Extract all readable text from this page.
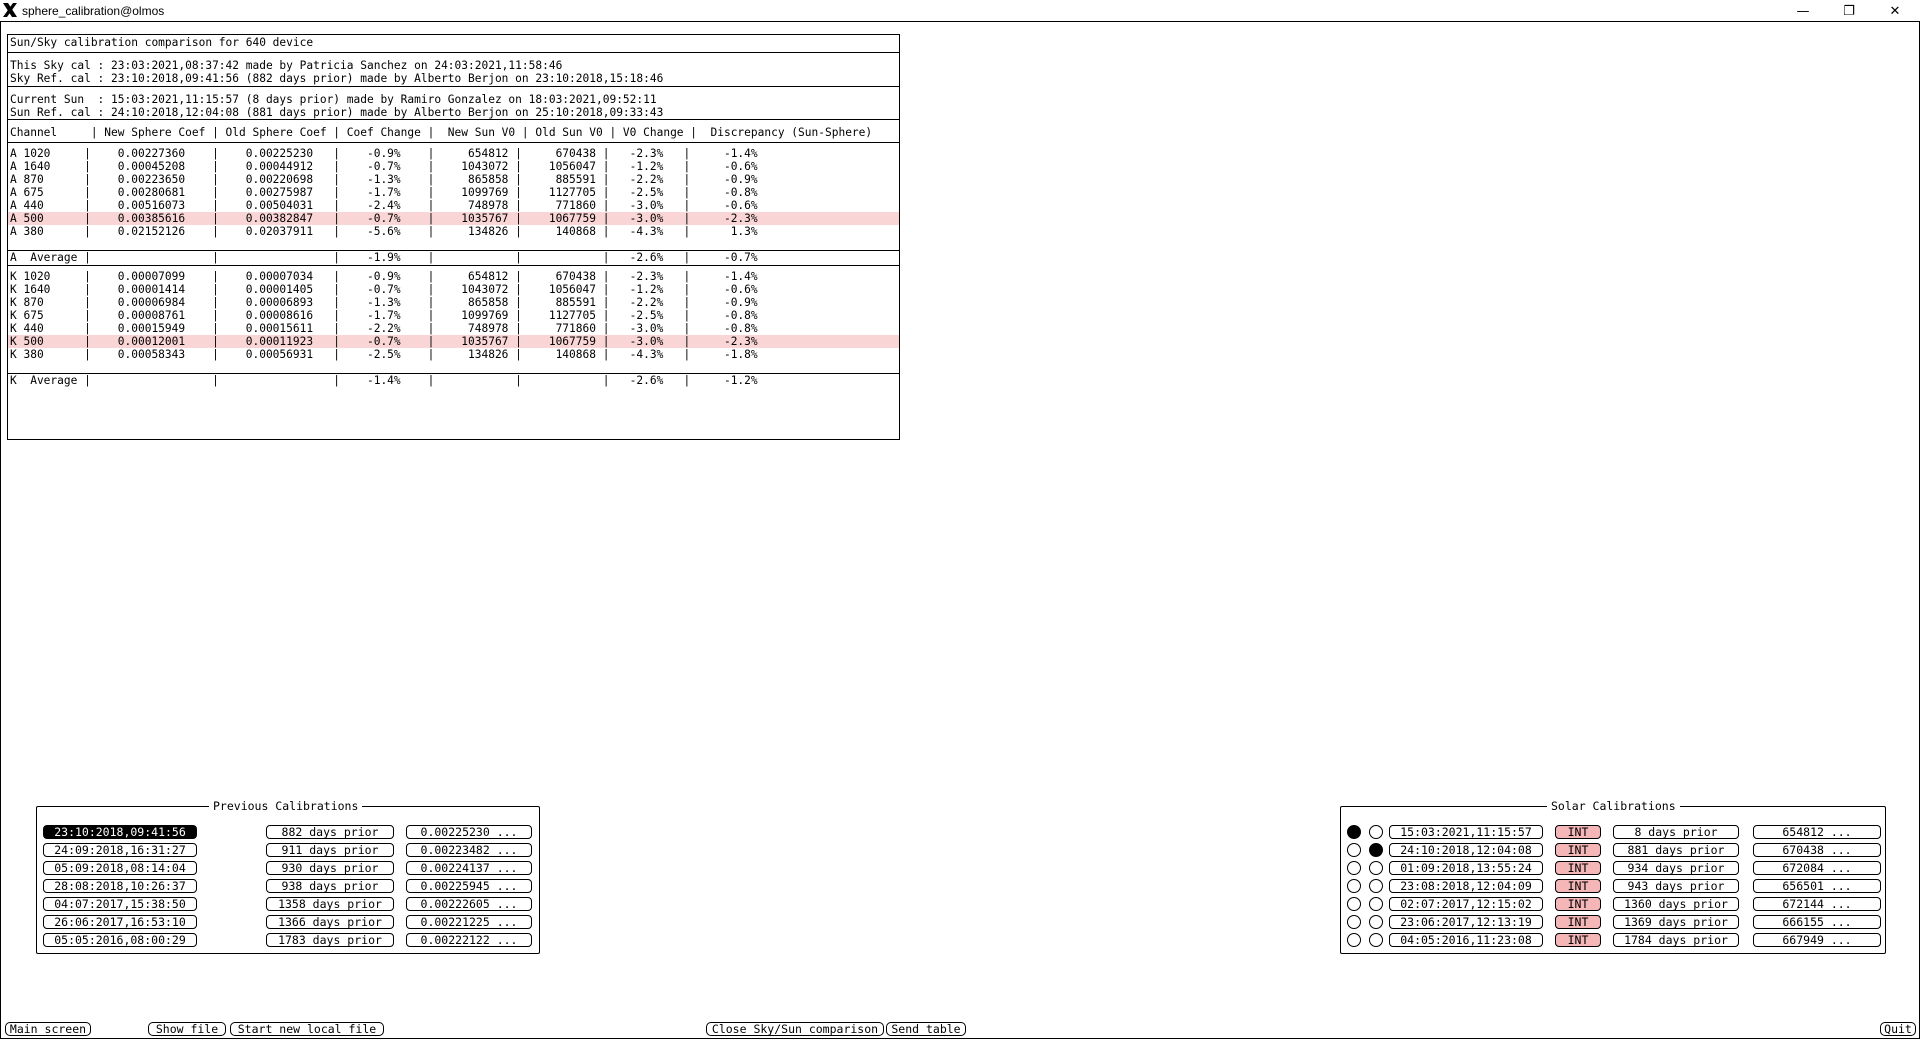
sphere_calibration@olmos	—	❐	✕
Sun/Sky calibration comparison for 640 device
This Sky cal : 23:03:2021,08:37:42 made by Patricia Sanchez on 24:03:2021,11:58:46
Sky Ref. cal : 23:10:2018,09:41:56 (882 days prior) made by Alberto Berjon on 23:10:2018,15:18:46
Current Sun  : 15:03:2021,11:15:57 (8 days prior) made by Ramiro Gonzalez on 18:03:2021,09:52:11
Sun Ref. cal : 24:10:2018,12:04:08 (881 days prior) made by Alberto Berjon on 25:10:2018,09:33:43
Channel     | New Sphere Coef | Old Sphere Coef | Coef Change |  New Sun V0 | Old Sun V0 | V0 Change |  Discrepancy (Sun-Sphere)
A 1020     |    0.00227360    |    0.00225230   |    -0.9%    |     654812 |     670438 |   -2.3%   |     -1.4%
A 1640     |    0.00045208    |    0.00044912   |    -0.7%    |    1043072 |    1056047 |   -1.2%   |     -0.6%
A 870      |    0.00223650    |    0.00220698   |    -1.3%    |     865858 |     885591 |   -2.2%   |     -0.9%
A 675      |    0.00280681    |    0.00275987   |    -1.7%    |    1099769 |    1127705 |   -2.5%   |     -0.8%
A 440      |    0.00516073    |    0.00504031   |    -2.4%    |     748978 |     771860 |   -3.0%   |     -0.6%
A 500      |    0.00385616    |    0.00382847   |    -0.7%    |    1035767 |    1067759 |   -3.0%   |     -2.3%
A 380      |    0.02152126    |    0.02037911   |    -5.6%    |     134826 |     140868 |   -4.3%   |      1.3%
A  Average |                  |                 |    -1.9%    |            |            |   -2.6%   |     -0.7%
K 1020     |    0.00007099    |    0.00007034   |    -0.9%    |     654812 |     670438 |   -2.3%   |     -1.4%
K 1640     |    0.00001414    |    0.00001405   |    -0.7%    |    1043072 |    1056047 |   -1.2%   |     -0.6%
K 870      |    0.00006984    |    0.00006893   |    -1.3%    |     865858 |     885591 |   -2.2%   |     -0.9%
K 675      |    0.00008761    |    0.00008616   |    -1.7%    |    1099769 |    1127705 |   -2.5%   |     -0.8%
K 440      |    0.00015949    |    0.00015611   |    -2.2%    |     748978 |     771860 |   -3.0%   |     -0.8%
K 500      |    0.00012001    |    0.00011923   |    -0.7%    |    1035767 |    1067759 |   -3.0%   |     -2.3%
K 380      |    0.00058343    |    0.00056931   |    -2.5%    |     134826 |     140868 |   -4.3%   |     -1.8%
K  Average |                  |                 |    -1.4%    |            |            |   -2.6%   |     -1.2%
Previous Calibrations
23:10:2018,09:41:56	882 days prior	0.00225230 ...
24:09:2018,16:31:27	911 days prior	0.00223482 ...
05:09:2018,08:14:04	930 days prior	0.00224137 ...
28:08:2018,10:26:37	938 days prior	0.00225945 ...
04:07:2017,15:38:50	1358 days prior	0.00222605 ...
26:06:2017,16:53:10	1366 days prior	0.00221225 ...
05:05:2016,08:00:29	1783 days prior	0.00222122 ...
Solar Calibrations
15:03:2021,11:15:57	INT	8 days prior	654812 ...
24:10:2018,12:04:08	INT	881 days prior	670438 ...
01:09:2018,13:55:24	INT	934 days prior	672084 ...
23:08:2018,12:04:09	INT	943 days prior	656501 ...
02:07:2017,12:15:02	INT	1360 days prior	672144 ...
23:06:2017,12:13:19	INT	1369 days prior	666155 ...
04:05:2016,11:23:08	INT	1784 days prior	667949 ...
Main screen	Show file	Start new local file	Close Sky/Sun comparison	Send table	Quit
